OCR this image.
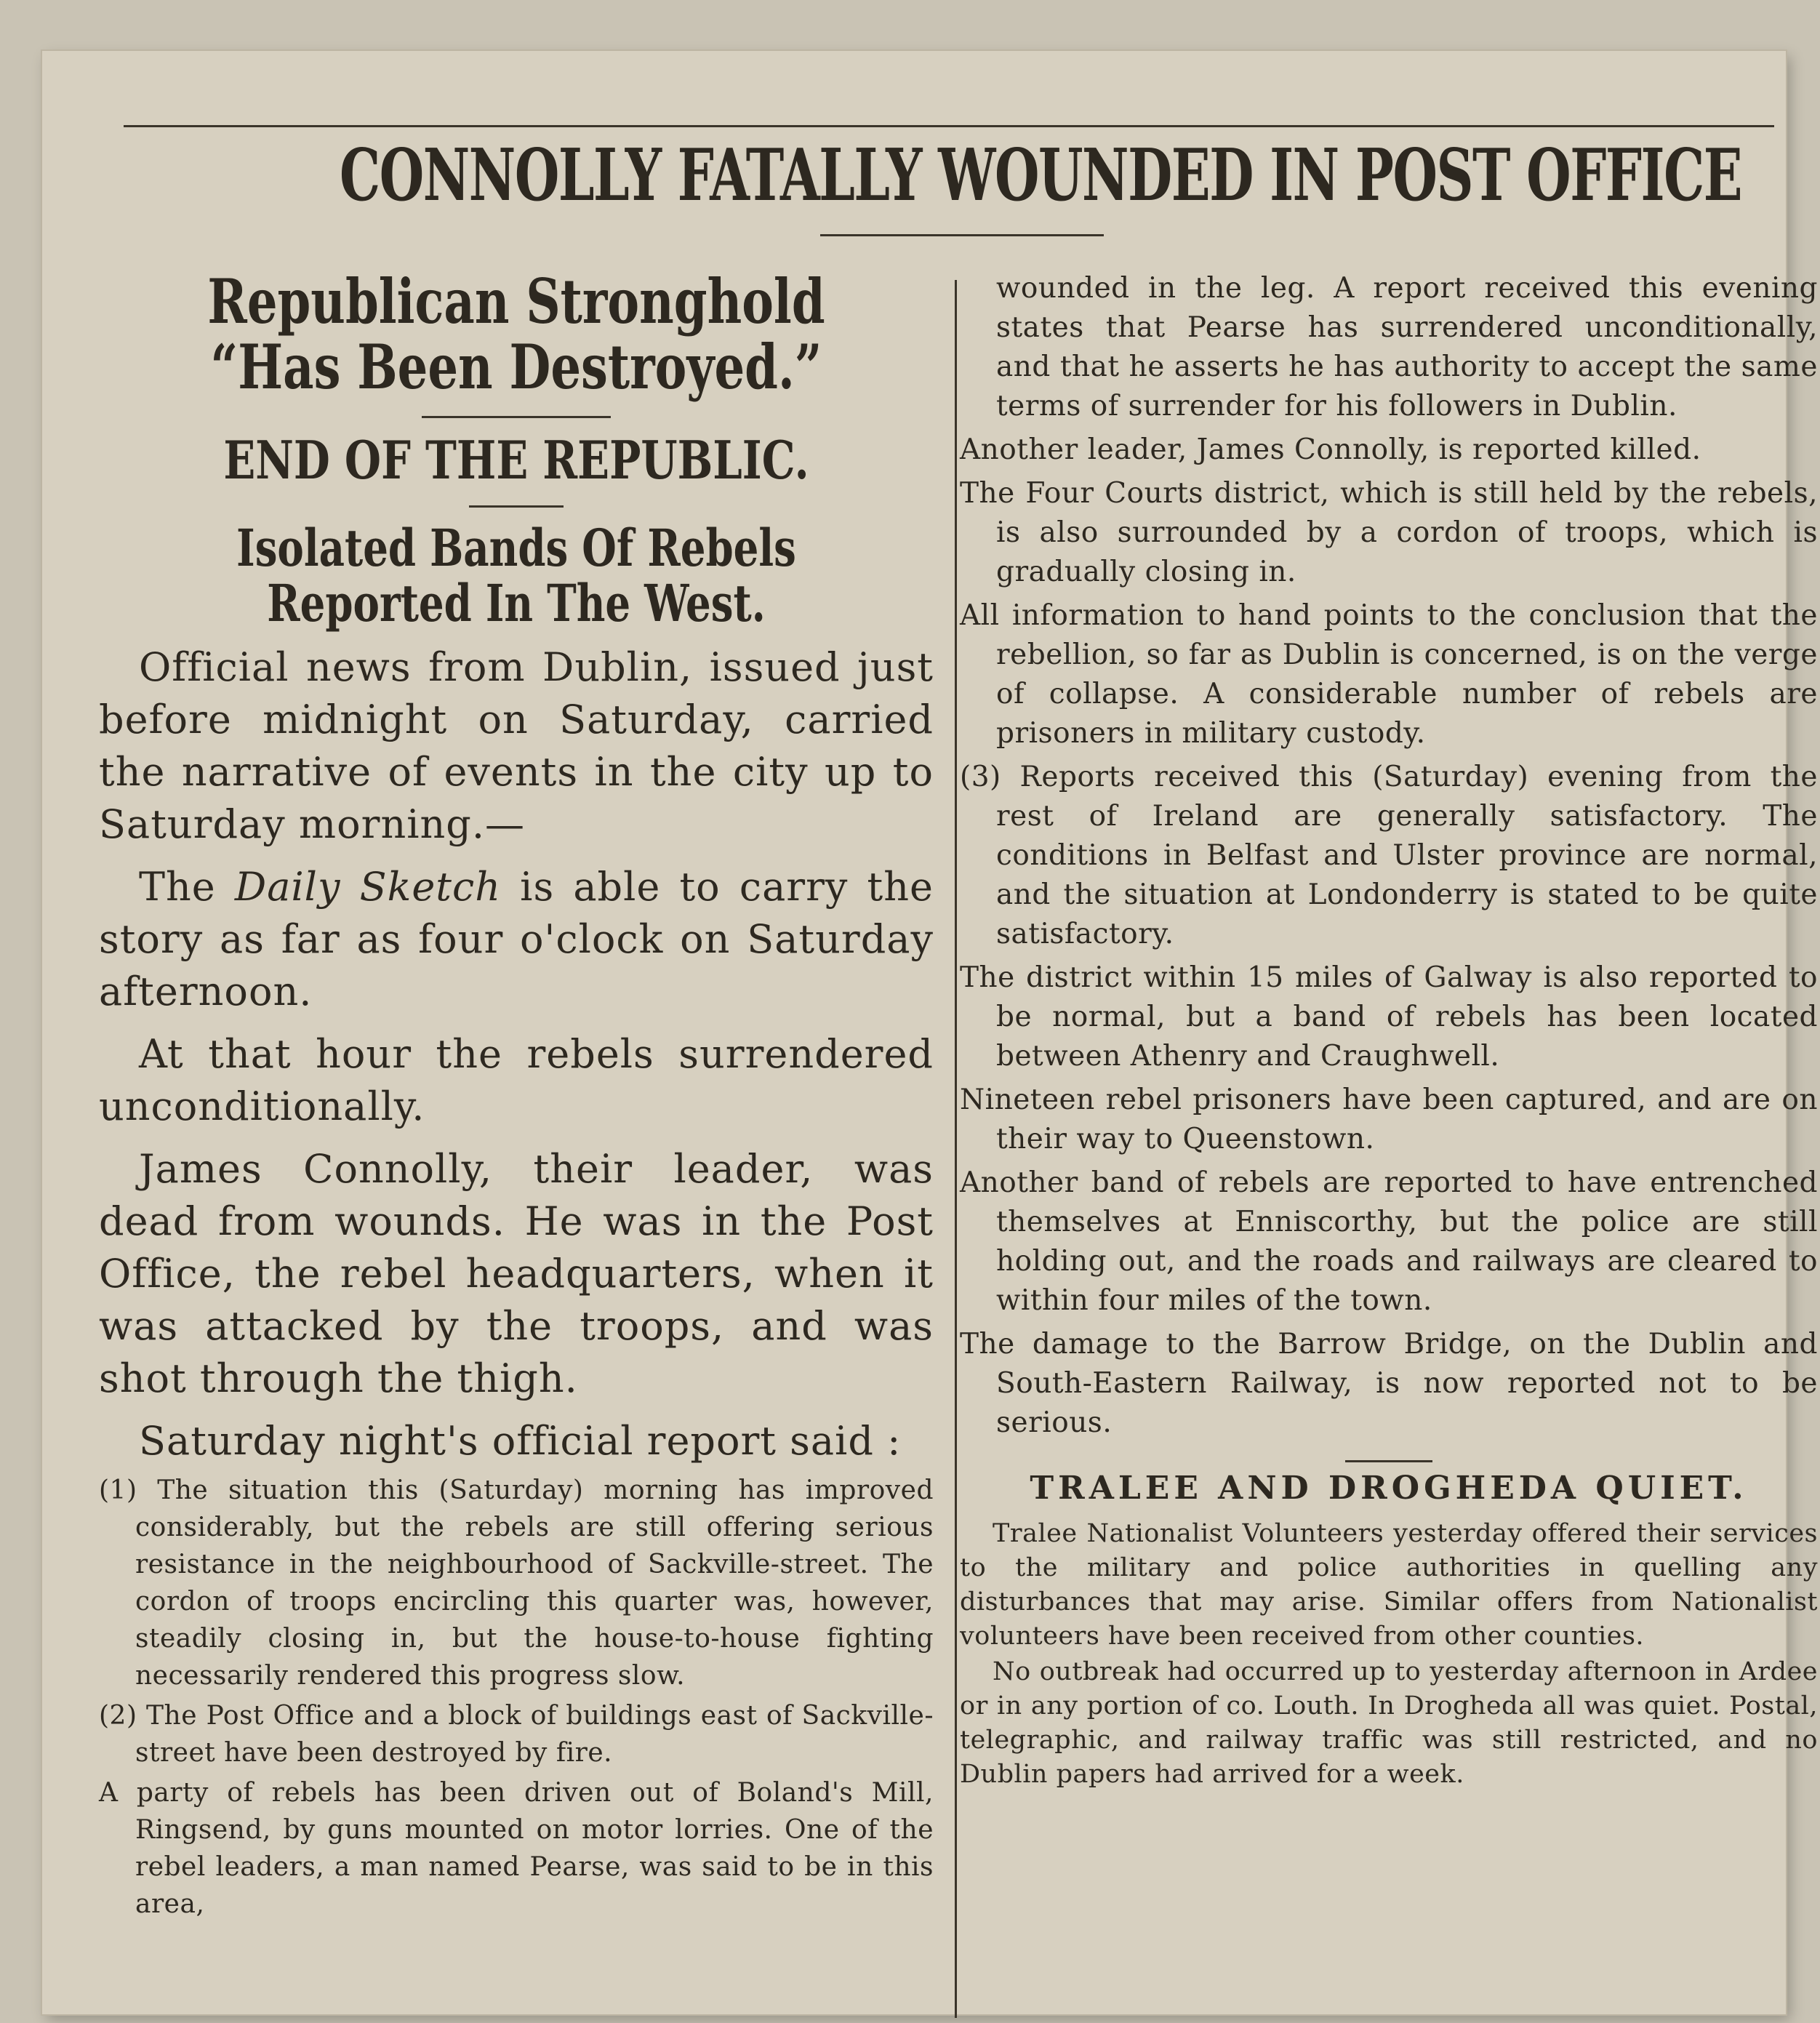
CONNOLLY FATALLY WOUNDED IN POST OFFICE
Republican Stronghold “Has Been Destroyed.”
END OF THE REPUBLIC.
Isolated Bands Of Rebels Reported In The West.

Official news from Dublin, issued just before midnight on Saturday, carried the narrative of events in the city up to Saturday morning.—

The Daily Sketch is able to carry the story as far as four o'clock on Saturday afternoon.

At that hour the rebels surrendered unconditionally.

James Connolly, their leader, was dead from wounds. He was in the Post Office, the rebel headquarters, when it was attacked by the troops, and was shot through the thigh.

Saturday night's official report said :

(1) The situation this (Saturday) morning has improved considerably, but the rebels are still offering serious resistance in the neighbourhood of Sackville-street. The cordon of troops encircling this quarter was, however, steadily closing in, but the house-to-house fighting necessarily rendered this progress slow.

(2) The Post Office and a block of buildings east of Sackville-street have been destroyed by fire.

A party of rebels has been driven out of Boland's Mill, Ringsend, by guns mounted on motor lorries. One of the rebel leaders, a man named Pearse, was said to be in this area,

wounded in the leg. A report received this evening states that Pearse has surrendered unconditionally, and that he asserts he has authority to accept the same terms of surrender for his followers in Dublin.

Another leader, James Connolly, is reported killed.

The Four Courts district, which is still held by the rebels, is also surrounded by a cordon of troops, which is gradually closing in.

All information to hand points to the conclusion that the rebellion, so far as Dublin is concerned, is on the verge of collapse. A considerable number of rebels are prisoners in military custody.

(3) Reports received this (Saturday) evening from the rest of Ireland are generally satisfactory. The conditions in Belfast and Ulster province are normal, and the situation at Londonderry is stated to be quite satisfactory.

The district within 15 miles of Galway is also reported to be normal, but a band of rebels has been located between Athenry and Craughwell.

Nineteen rebel prisoners have been captured, and are on their way to Queenstown.

Another band of rebels are reported to have entrenched themselves at Enniscorthy, but the police are still holding out, and the roads and railways are cleared to within four miles of the town.

The damage to the Barrow Bridge, on the Dublin and South-Eastern Railway, is now reported not to be serious.

TRALEE AND DROGHEDA QUIET.

Tralee Nationalist Volunteers yesterday offered their services to the military and police authorities in quelling any disturbances that may arise. Similar offers from Nationalist volunteers have been received from other counties.

No outbreak had occurred up to yesterday afternoon in Ardee or in any portion of co. Louth. In Drogheda all was quiet. Postal, telegraphic, and railway traffic was still restricted, and no Dublin papers had arrived for a week.
